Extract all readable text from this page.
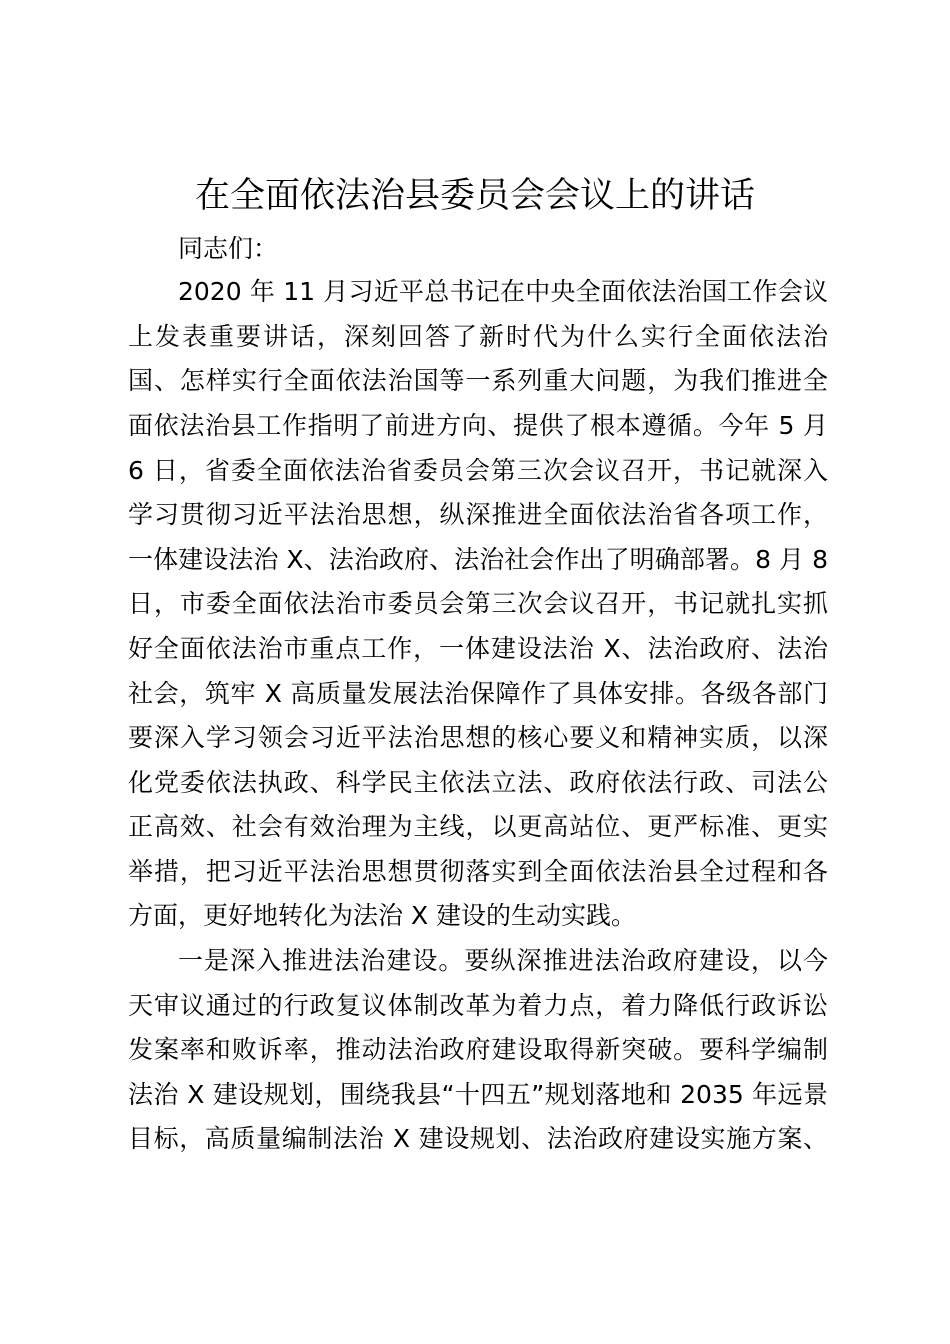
在全面依法治县委员会会议上的讲话
同志们：
2020 年 11 月习近平总书记在中央全面依法治国工作会议
上发表重要讲话，深刻回答了新时代为什么实行全面依法治
国、怎样实行全面依法治国等一系列重大问题，为我们推进全
面依法治县工作指明了前进方向、提供了根本遵循。今年 5 月
6 日，省委全面依法治省委员会第三次会议召开，书记就深入
学习贯彻习近平法治思想，纵深推进全面依法治省各项工作，
一体建设法治 X、法治政府、法治社会作出了明确部署。8 月 8
日，市委全面依法治市委员会第三次会议召开，书记就扎实抓
好全面依法治市重点工作，一体建设法治 X、法治政府、法治
社会，筑牢 X 高质量发展法治保障作了具体安排。各级各部门
要深入学习领会习近平法治思想的核心要义和精神实质，以深
化党委依法执政、科学民主依法立法、政府依法行政、司法公
正高效、社会有效治理为主线，以更高站位、更严标准、更实
举措，把习近平法治思想贯彻落实到全面依法治县全过程和各
方面，更好地转化为法治 X 建设的生动实践。
一是深入推进法治建设。要纵深推进法治政府建设，以今
天审议通过的行政复议体制改革为着力点，着力降低行政诉讼
发案率和败诉率，推动法治政府建设取得新突破。要科学编制
法治 X 建设规划，围绕我县“十四五”规划落地和 2035 年远景
目标，高质量编制法治 X 建设规划、法治政府建设实施方案、
